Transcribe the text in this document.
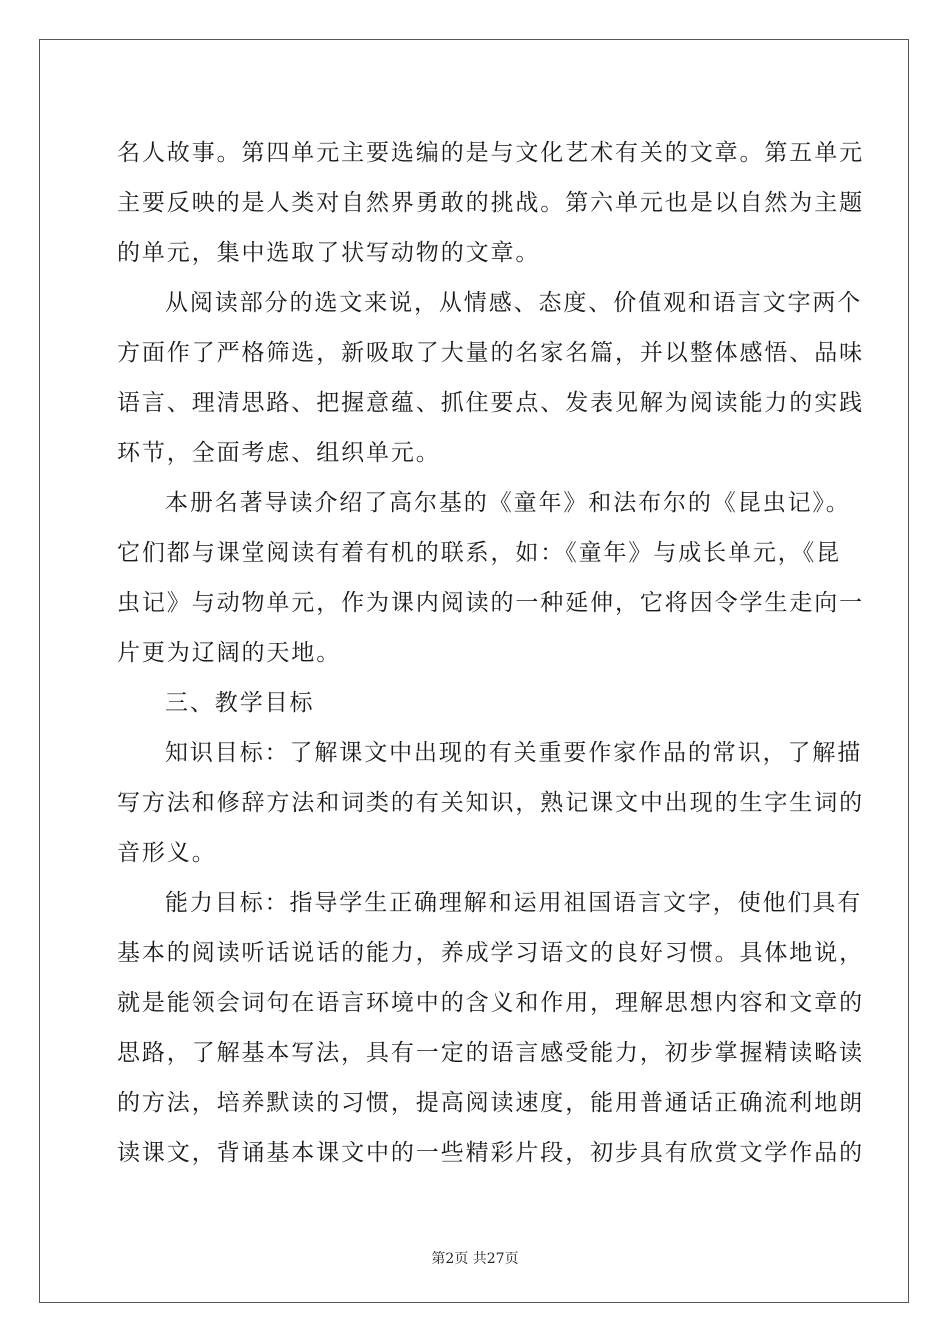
名人故事。第四单元主要选编的是与文化艺术有关的文章。第五单元
主要反映的是人类对自然界勇敢的挑战。第六单元也是以自然为主题
的单元，集中选取了状写动物的文章。
从阅读部分的选文来说，从情感、态度、价值观和语言文字两个
方面作了严格筛选，新吸取了大量的名家名篇，并以整体感悟、品味
语言、理清思路、把握意蕴、抓住要点、发表见解为阅读能力的实践
环节，全面考虑、组织单元。
本册名著导读介绍了高尔基的《童年》和法布尔的《昆虫记》。
它们都与课堂阅读有着有机的联系，如：《童年》与成长单元，《昆
虫记》与动物单元，作为课内阅读的一种延伸，它将因令学生走向一
片更为辽阔的天地。
三、教学目标
知识目标：了解课文中出现的有关重要作家作品的常识，了解描
写方法和修辞方法和词类的有关知识，熟记课文中出现的生字生词的
音形义。
能力目标：指导学生正确理解和运用祖国语言文字，使他们具有
基本的阅读听话说话的能力，养成学习语文的良好习惯。具体地说，
就是能领会词句在语言环境中的含义和作用，理解思想内容和文章的
思路，了解基本写法，具有一定的语言感受能力，初步掌握精读略读
的方法，培养默读的习惯，提高阅读速度，能用普通话正确流利地朗
读课文，背诵基本课文中的一些精彩片段，初步具有欣赏文学作品的
第2页 共27页
